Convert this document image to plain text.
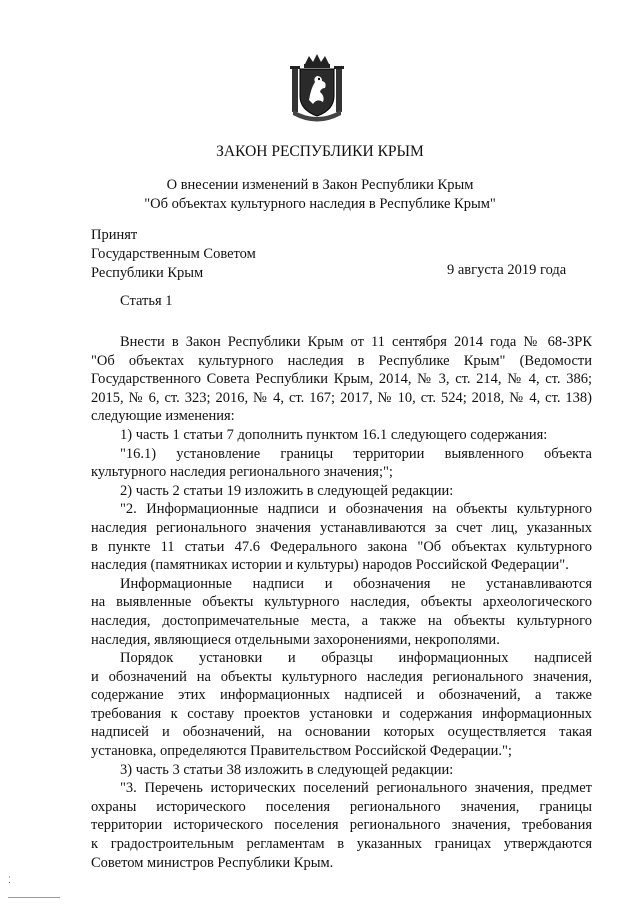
ЗАКОН РЕСПУБЛИКИ КРЫМ
О внесении изменений в Закон Республики Крым
"Об объектах культурного наследия в Республике Крым"
Принят
Государственным Советом
Республики Крым	9 августа 2019 года
Статья 1
Внести в Закон Республики Крым от 11 сентября 2014 года № 68-ЗРК
"Об объектах культурного наследия в Республике Крым" (Ведомости
Государственного Совета Республики Крым, 2014, № 3, ст. 214, № 4, ст. 386;
2015, № 6, ст. 323; 2016, № 4, ст. 167; 2017, № 10, ст. 524; 2018, № 4, ст. 138)
следующие изменения:
1) часть 1 статьи 7 дополнить пунктом 16.1 следующего содержания:
"16.1) установление границы территории выявленного объекта
культурного наследия регионального значения;";
2) часть 2 статьи 19 изложить в следующей редакции:
"2. Информационные надписи и обозначения на объекты культурного
наследия регионального значения устанавливаются за счет лиц, указанных
в пункте 11 статьи 47.6 Федерального закона "Об объектах культурного
наследия (памятниках истории и культуры) народов Российской Федерации".
Информационные надписи и обозначения не устанавливаются
на выявленные объекты культурного наследия, объекты археологического
наследия, достопримечательные места, а также на объекты культурного
наследия, являющиеся отдельными захоронениями, некрополями.
Порядок установки и образцы информационных надписей
и обозначений на объекты культурного наследия регионального значения,
содержание этих информационных надписей и обозначений, а также
требования к составу проектов установки и содержания информационных
надписей и обозначений, на основании которых осуществляется такая
установка, определяются Правительством Российской Федерации.";
3) часть 3 статьи 38 изложить в следующей редакции:
"3. Перечень исторических поселений регионального значения, предмет
охраны исторического поселения регионального значения, границы
территории исторического поселения регионального значения, требования
к градостроительным регламентам в указанных границах утверждаются
Советом министров Республики Крым.
⁚
